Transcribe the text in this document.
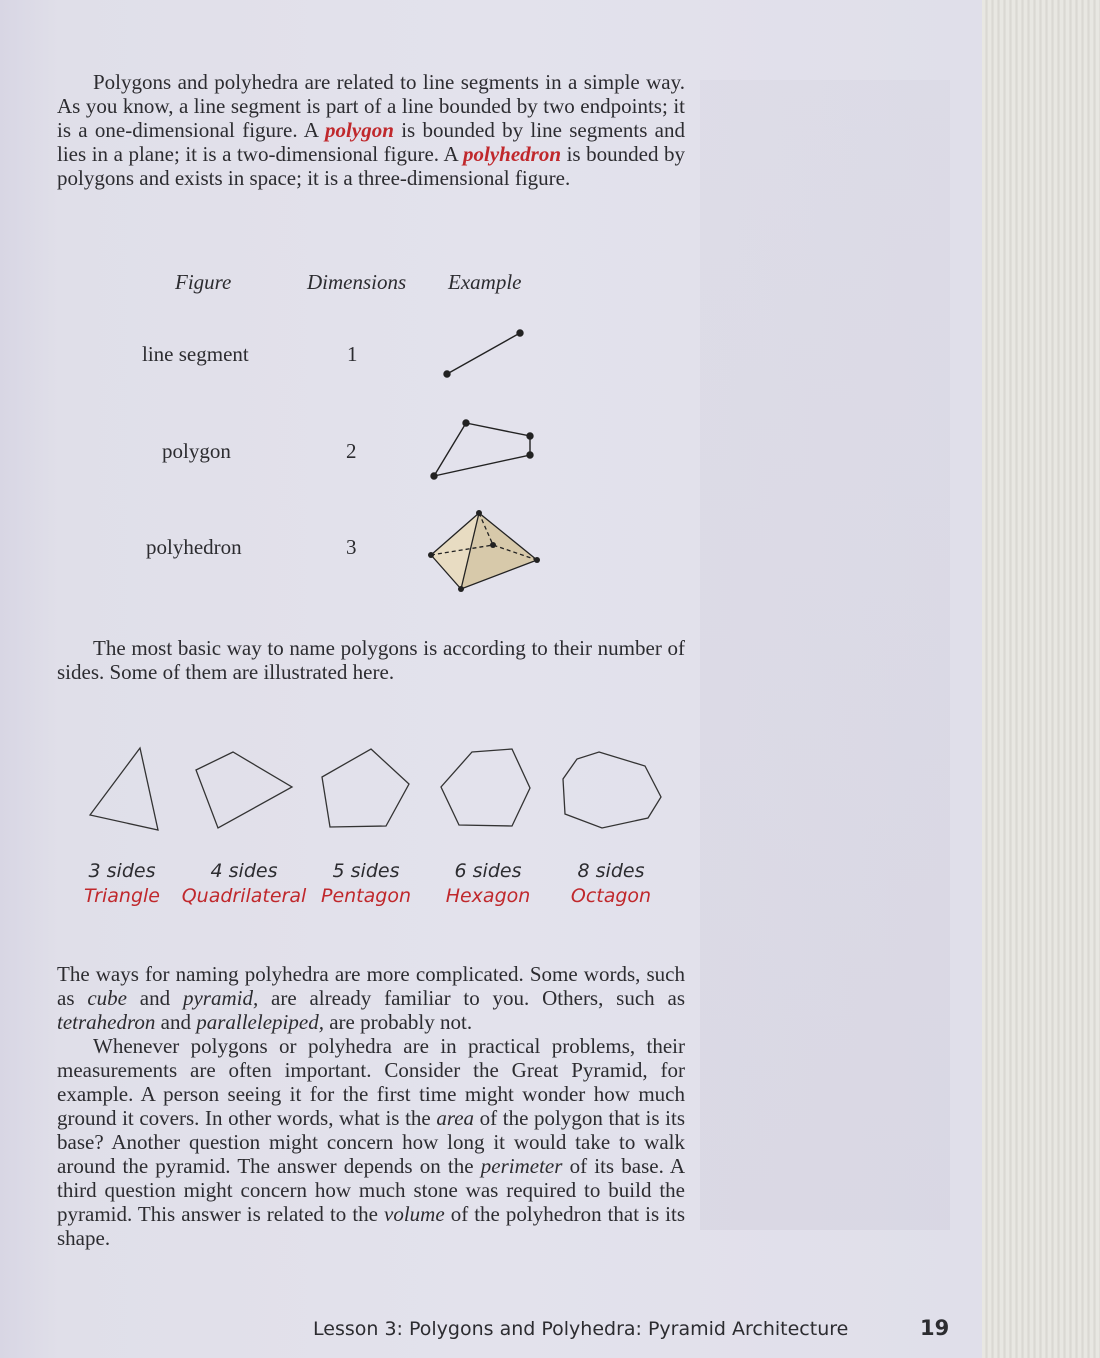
Polygons and polyhedra are related to line segments in a simple way. As you know, a line segment is part of a line bounded by two endpoints; it is a one-dimensional figure. A polygon is bounded by line segments and lies in a plane; it is a two-dimensional figure. A polyhedron is bounded by polygons and exists in space; it is a three-dimensional figure.

Figure	Dimensions Example
line segment	1
polygon	2
polyhedron	3

The most basic way to name polygons is according to their number of sides. Some of them are illustrated here.

3 sides
Triangle
4 sides
Quadrilateral
5 sides
Pentagon
6 sides
Hexagon
8 sides
Octagon

The ways for naming polyhedra are more complicated. Some words, such as cube and pyramid, are already familiar to you. Others, such as tetrahedron and parallelepiped, are probably not.

Whenever polygons or polyhedra are in practical problems, their measurements are often important. Consider the Great Pyramid, for example. A person seeing it for the first time might wonder how much ground it covers. In other words, what is the area of the polygon that is its base? Another question might concern how long it would take to walk around the pyramid. The answer depends on the perimeter of its base. A third question might concern how much stone was required to build the pyramid. This answer is related to the volume of the polyhedron that is its shape.

Lesson 3: Polygons and Polyhedra: Pyramid Architecture	19
